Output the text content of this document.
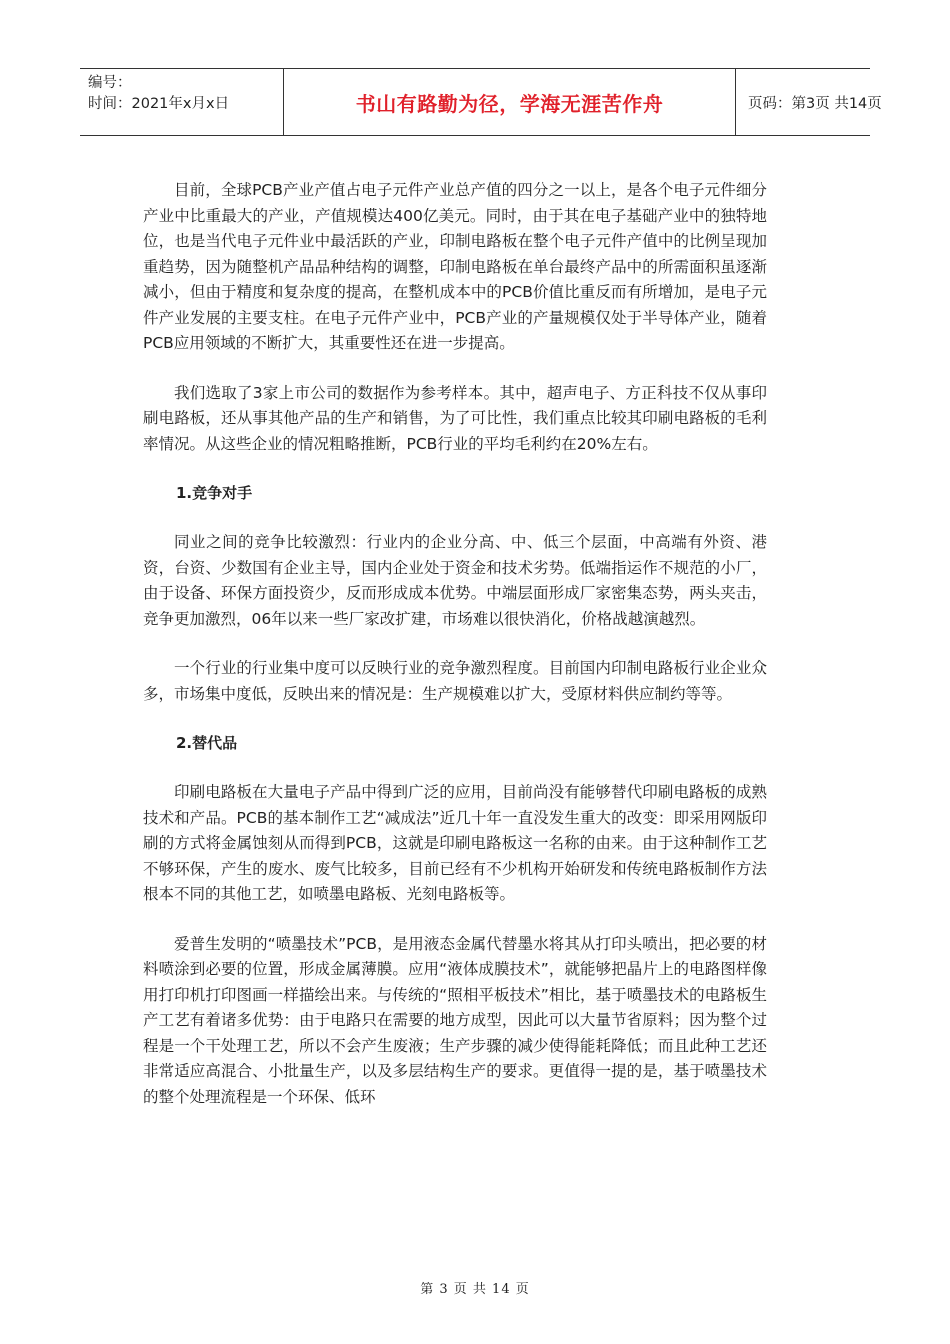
编号：
时间：2021年x月x日	书山有路勤为径，学海无涯苦作舟	页码：第3页 共14页

目前，全球PCB产业产值占电子元件产业总产值的四分之一以上，是各个电子元件细分产业中比重最大的产业，产值规模达400亿美元。同时，由于其在电子基础产业中的独特地位，也是当代电子元件业中最活跃的产业，印制电路板在整个电子元件产值中的比例呈现加重趋势，因为随整机产品品种结构的调整，印制电路板在单台最终产品中的所需面积虽逐渐减小，但由于精度和复杂度的提高，在整机成本中的PCB价值比重反而有所增加，是电子元件产业发展的主要支柱。在电子元件产业中，PCB产业的产量规模仅处于半导体产业，随着PCB应用领域的不断扩大，其重要性还在进一步提高。

我们选取了3家上市公司的数据作为参考样本。其中，超声电子、方正科技不仅从事印刷电路板，还从事其他产品的生产和销售，为了可比性，我们重点比较其印刷电路板的毛利率情况。从这些企业的情况粗略推断，PCB行业的平均毛利约在20%左右。

1.竞争对手

同业之间的竞争比较激烈：行业内的企业分高、中、低三个层面，中高端有外资、港资，台资、少数国有企业主导，国内企业处于资金和技术劣势。低端指运作不规范的小厂，由于设备、环保方面投资少，反而形成成本优势。中端层面形成厂家密集态势，两头夹击，竞争更加激烈，06年以来一些厂家改扩建，市场难以很快消化，价格战越演越烈。

一个行业的行业集中度可以反映行业的竞争激烈程度。目前国内印制电路板行业企业众多，市场集中度低，反映出来的情况是：生产规模难以扩大，受原材料供应制约等等。

2.替代品

印刷电路板在大量电子产品中得到广泛的应用，目前尚没有能够替代印刷电路板的成熟技术和产品。PCB的基本制作工艺“减成法”近几十年一直没发生重大的改变：即采用网版印刷的方式将金属蚀刻从而得到PCB，这就是印刷电路板这一名称的由来。由于这种制作工艺不够环保，产生的废水、废气比较多，目前已经有不少机构开始研发和传统电路板制作方法根本不同的其他工艺，如喷墨电路板、光刻电路板等。

爱普生发明的“喷墨技术”PCB，是用液态金属代替墨水将其从打印头喷出，把必要的材料喷涂到必要的位置，形成金属薄膜。应用“液体成膜技术”，就能够把晶片上的电路图样像用打印机打印图画一样描绘出来。与传统的“照相平板技术”相比，基于喷墨技术的电路板生产工艺有着诸多优势：由于电路只在需要的地方成型，因此可以大量节省原料；因为整个过程是一个干处理工艺，所以不会产生废液；生产步骤的减少使得能耗降低；而且此种工艺还非常适应高混合、小批量生产，以及多层结构生产的要求。更值得一提的是，基于喷墨技术的整个处理流程是一个环保、低环

第 3 页 共 14 页
